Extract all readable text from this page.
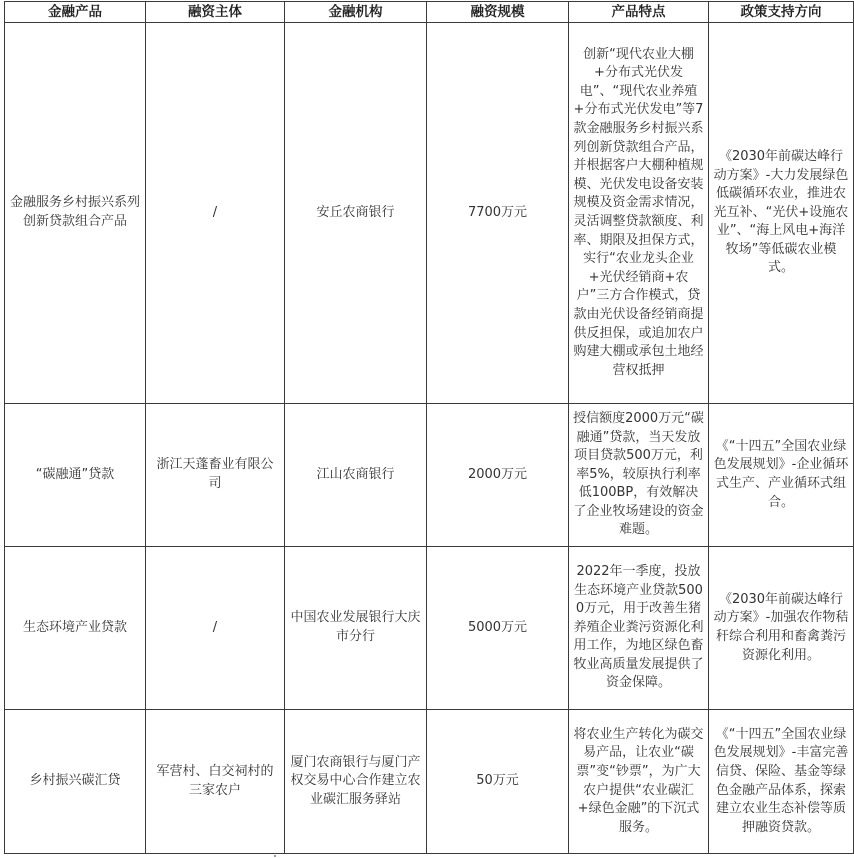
金融产品	融资主体	金融机构	融资规模	产品特点	政策支持方向
金融服务乡村振兴系列创新贷款组合产品	/	安丘农商银行	7700万元	创新“现代农业大棚+分布式光伏发电”、“现代农业养殖+分布式光伏发电”等7款金融服务乡村振兴系列创新贷款组合产品，并根据客户大棚种植规模、光伏发电设备安装规模及资金需求情况，灵活调整贷款额度、利率、期限及担保方式，实行“农业龙头企业+光伏经销商+农户”三方合作模式，贷款由光伏设备经销商提供反担保，或追加农户购建大棚或承包土地经营权抵押	《2030年前碳达峰行动方案》-大力发展绿色低碳循环农业，推进农光互补、“光伏+设施农业”、“海上风电+海洋牧场”等低碳农业模式。
“碳融通”贷款	浙江天蓬畜业有限公司	江山农商银行	2000万元	授信额度2000万元“碳融通”贷款，当天发放项目贷款500万元，利率5%，较原执行利率低100BP，有效解决了企业牧场建设的资金难题。	《“十四五”全国农业绿色发展规划》-企业循环式生产、产业循环式组合。
生态环境产业贷款	/	中国农业发展银行大庆市分行	5000万元	2022年一季度，投放生态环境产业贷款5000万元，用于改善生猪养殖企业粪污资源化利用工作，为地区绿色畜牧业高质量发展提供了资金保障。	《2030年前碳达峰行动方案》-加强农作物秸秆综合利用和畜禽粪污资源化利用。
乡村振兴碳汇贷	军营村、白交祠村的三家农户	厦门农商银行与厦门产权交易中心合作建立农业碳汇服务驿站	50万元	将农业生产转化为碳交易产品，让农业“碳票”变“钞票”，为广大农户提供“农业碳汇+绿色金融”的下沉式服务。	《“十四五”全国农业绿色发展规划》-丰富完善信贷、保险、基金等绿色金融产品体系，探索建立农业生态补偿等质押融资贷款。
